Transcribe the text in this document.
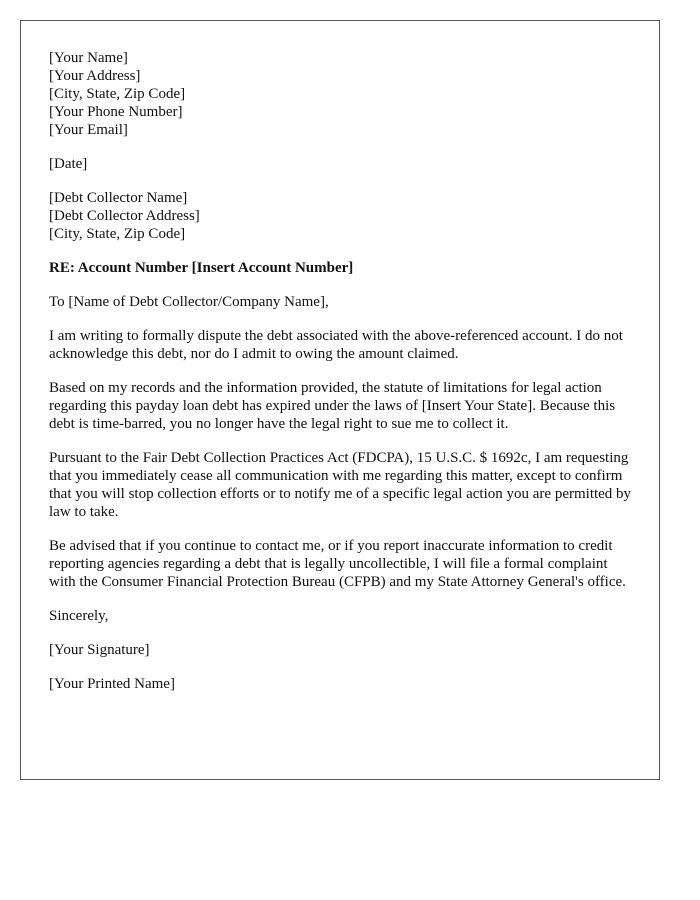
[Your Name]
[Your Address]
[City, State, Zip Code]
[Your Phone Number]
[Your Email]

[Date]

[Debt Collector Name]
[Debt Collector Address]
[City, State, Zip Code]

RE: Account Number [Insert Account Number]

To [Name of Debt Collector/Company Name],

I am writing to formally dispute the debt associated with the above-referenced account. I do not acknowledge this debt, nor do I admit to owing the amount claimed.

Based on my records and the information provided, the statute of limitations for legal action regarding this payday loan debt has expired under the laws of [Insert Your State]. Because this debt is time-barred, you no longer have the legal right to sue me to collect it.

Pursuant to the Fair Debt Collection Practices Act (FDCPA), 15 U.S.C. $ 1692c, I am requesting that you immediately cease all communication with me regarding this matter, except to confirm that you will stop collection efforts or to notify me of a specific legal action you are permitted by law to take.

Be advised that if you continue to contact me, or if you report inaccurate information to credit reporting agencies regarding a debt that is legally uncollectible, I will file a formal complaint with the Consumer Financial Protection Bureau (CFPB) and my State Attorney General's office.

Sincerely,

[Your Signature]

[Your Printed Name]
